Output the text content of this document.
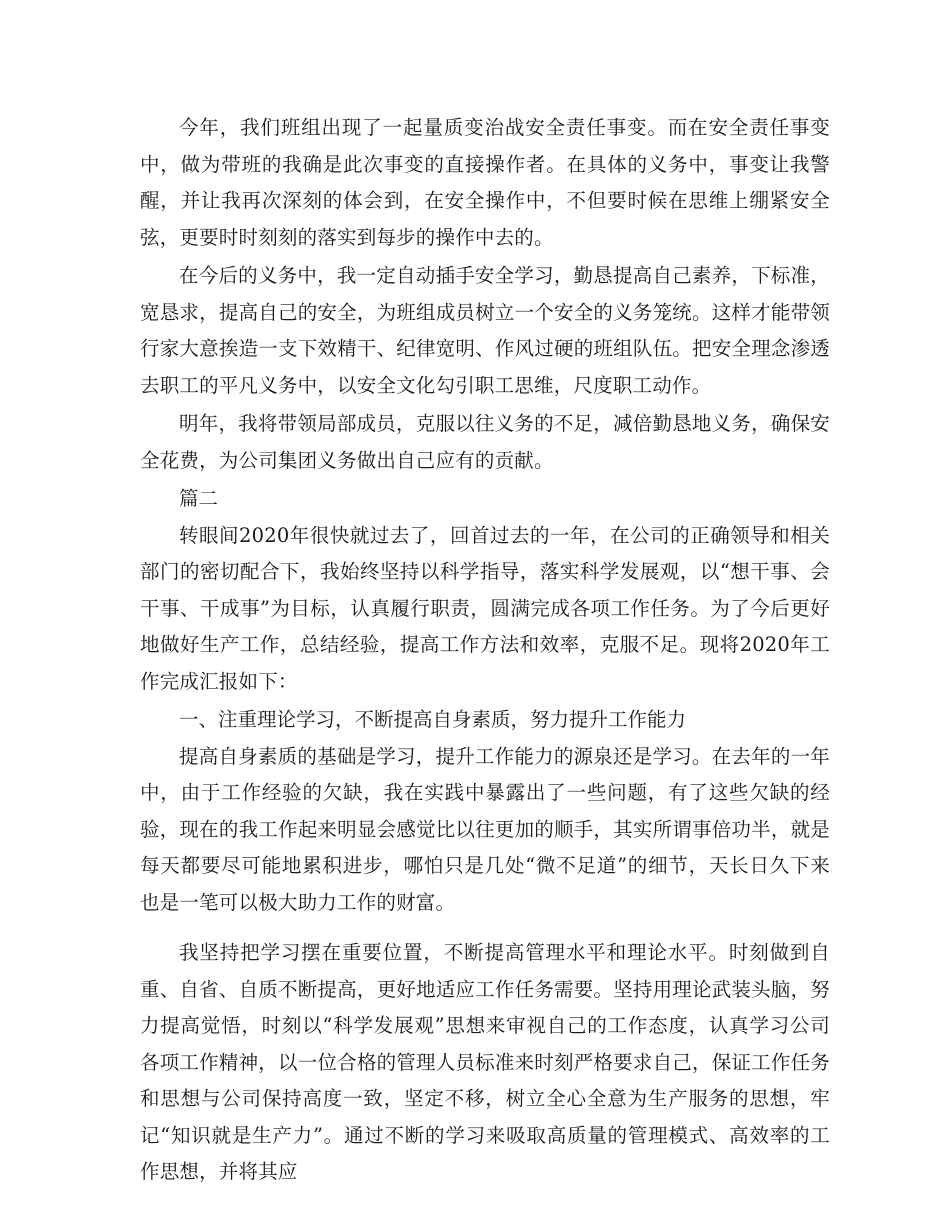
今年，我们班组出现了一起量质变治战安全责任事变。而在安全责任事变中，做为带班的我确是此次事变的直接操作者。在具体的义务中，事变让我警醒，并让我再次深刻的体会到，在安全操作中，不但要时候在思维上绷紧安全弦，更要时时刻刻的落实到每步的操作中去的。

在今后的义务中，我一定自动插手安全学习，勤恳提高自己素养，下标准，宽恳求，提高自己的安全，为班组成员树立一个安全的义务笼统。这样才能带领行家大意挨造一支下效精干、纪律宽明、作风过硬的班组队伍。把安全理念渗透去职工的平凡义务中，以安全文化勾引职工思维，尺度职工动作。

明年，我将带领局部成员，克服以往义务的不足，减倍勤恳地义务，确保安全花费，为公司集团义务做出自己应有的贡献。

篇二

转眼间2020年很快就过去了，回首过去的一年，在公司的正确领导和相关部门的密切配合下，我始终坚持以科学指导，落实科学发展观，以“想干事、会干事、干成事”为目标，认真履行职责，圆满完成各项工作任务。为了今后更好地做好生产工作，总结经验，提高工作方法和效率，克服不足。现将2020年工作完成汇报如下：

一、注重理论学习，不断提高自身素质，努力提升工作能力

提高自身素质的基础是学习，提升工作能力的源泉还是学习。在去年的一年中，由于工作经验的欠缺，我在实践中暴露出了一些问题，有了这些欠缺的经验，现在的我工作起来明显会感觉比以往更加的顺手，其实所谓事倍功半，就是每天都要尽可能地累积进步，哪怕只是几处“微不足道”的细节，天长日久下来也是一笔可以极大助力工作的财富。

我坚持把学习摆在重要位置，不断提高管理水平和理论水平。时刻做到自重、自省、自质不断提高，更好地适应工作任务需要。坚持用理论武装头脑，努力提高觉悟，时刻以“科学发展观”思想来审视自己的工作态度，认真学习公司各项工作精神，以一位合格的管理人员标准来时刻严格要求自己，保证工作任务和思想与公司保持高度一致，坚定不移，树立全心全意为生产服务的思想，牢记“知识就是生产力”。通过不断的学习来吸取高质量的管理模式、高效率的工作思想，并将其应
